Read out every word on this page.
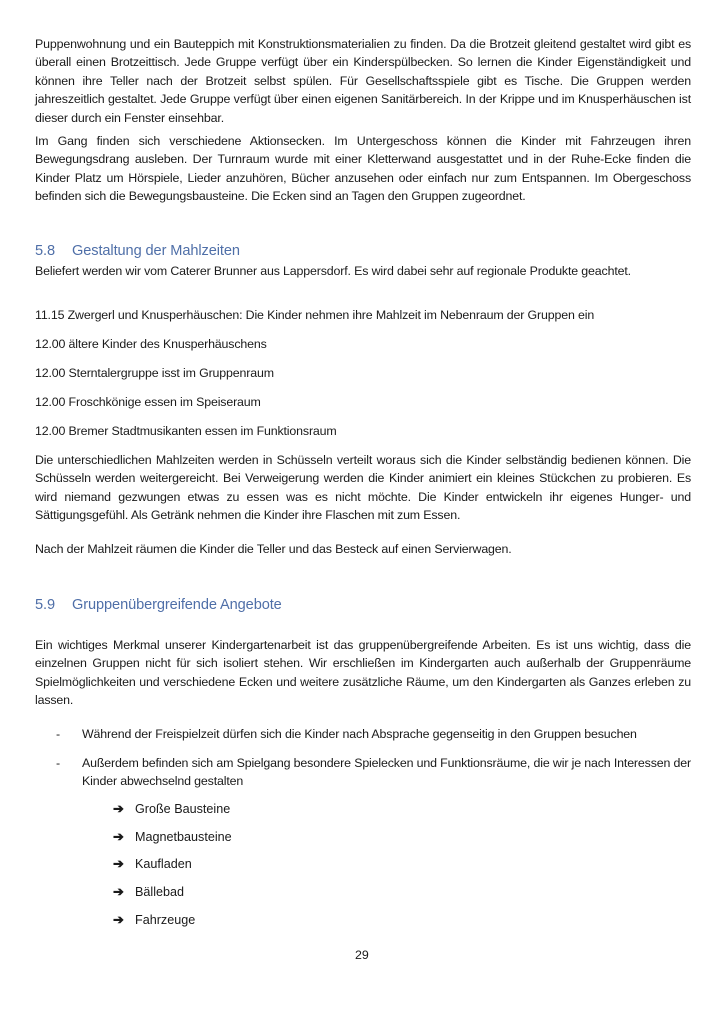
Puppenwohnung und ein Bauteppich mit Konstruktionsmaterialien zu finden. Da die Brotzeit gleitend gestaltet wird gibt es überall einen Brotzeittisch. Jede Gruppe verfügt über ein Kinderspülbecken. So lernen die Kinder Eigenständigkeit und können ihre Teller nach der Brotzeit selbst spülen. Für Gesellschaftsspiele gibt es Tische. Die Gruppen werden jahreszeitlich gestaltet. Jede Gruppe verfügt über einen eigenen Sanitärbereich. In der Krippe und im Knusperhäuschen ist dieser durch ein Fenster einsehbar.
Im Gang finden sich verschiedene Aktionsecken. Im Untergeschoss können die Kinder mit Fahrzeugen ihren Bewegungsdrang ausleben. Der Turnraum wurde mit einer Kletterwand ausgestattet und in der Ruhe-Ecke finden die Kinder Platz um Hörspiele, Lieder anzuhören, Bücher anzusehen oder einfach nur zum Entspannen. Im Obergeschoss befinden sich die Bewegungsbausteine. Die Ecken sind an Tagen den Gruppen zugeordnet.
5.8 Gestaltung der Mahlzeiten
Beliefert werden wir vom Caterer Brunner aus Lappersdorf. Es wird dabei sehr auf regionale Produkte geachtet.
11.15 Zwergerl und Knusperhäuschen: Die Kinder nehmen ihre Mahlzeit im Nebenraum der Gruppen ein
12.00 ältere Kinder des Knusperhäuschens
12.00 Sterntalergruppe isst im Gruppenraum
12.00 Froschkönige essen im Speiseraum
12.00 Bremer Stadtmusikanten essen im Funktionsraum
Die unterschiedlichen Mahlzeiten werden in Schüsseln verteilt woraus sich die Kinder selbständig bedienen können. Die Schüsseln werden weitergereicht. Bei Verweigerung werden die Kinder animiert ein kleines Stückchen zu probieren. Es wird niemand gezwungen etwas zu essen was es nicht möchte. Die Kinder entwickeln ihr eigenes Hunger- und Sättigungsgefühl. Als Getränk nehmen die Kinder ihre Flaschen mit zum Essen.
Nach der Mahlzeit räumen die Kinder die Teller und das Besteck auf einen Servierwagen.
5.9 Gruppenübergreifende Angebote
Ein wichtiges Merkmal unserer Kindergartenarbeit ist das gruppenübergreifende Arbeiten. Es ist uns wichtig, dass die einzelnen Gruppen nicht für sich isoliert stehen. Wir erschließen im Kindergarten auch außerhalb der Gruppenräume Spielmöglichkeiten und verschiedene Ecken und weitere zusätzliche Räume, um den Kindergarten als Ganzes erleben zu lassen.
- Während der Freispielzeit dürfen sich die Kinder nach Absprache gegenseitig in den Gruppen besuchen
- Außerdem befinden sich am Spielgang besondere Spielecken und Funktionsräume, die wir je nach Interessen der Kinder abwechselnd gestalten
➔ Große Bausteine
➔ Magnetbausteine
➔ Kaufladen
➔ Bällebad
➔ Fahrzeuge
29
